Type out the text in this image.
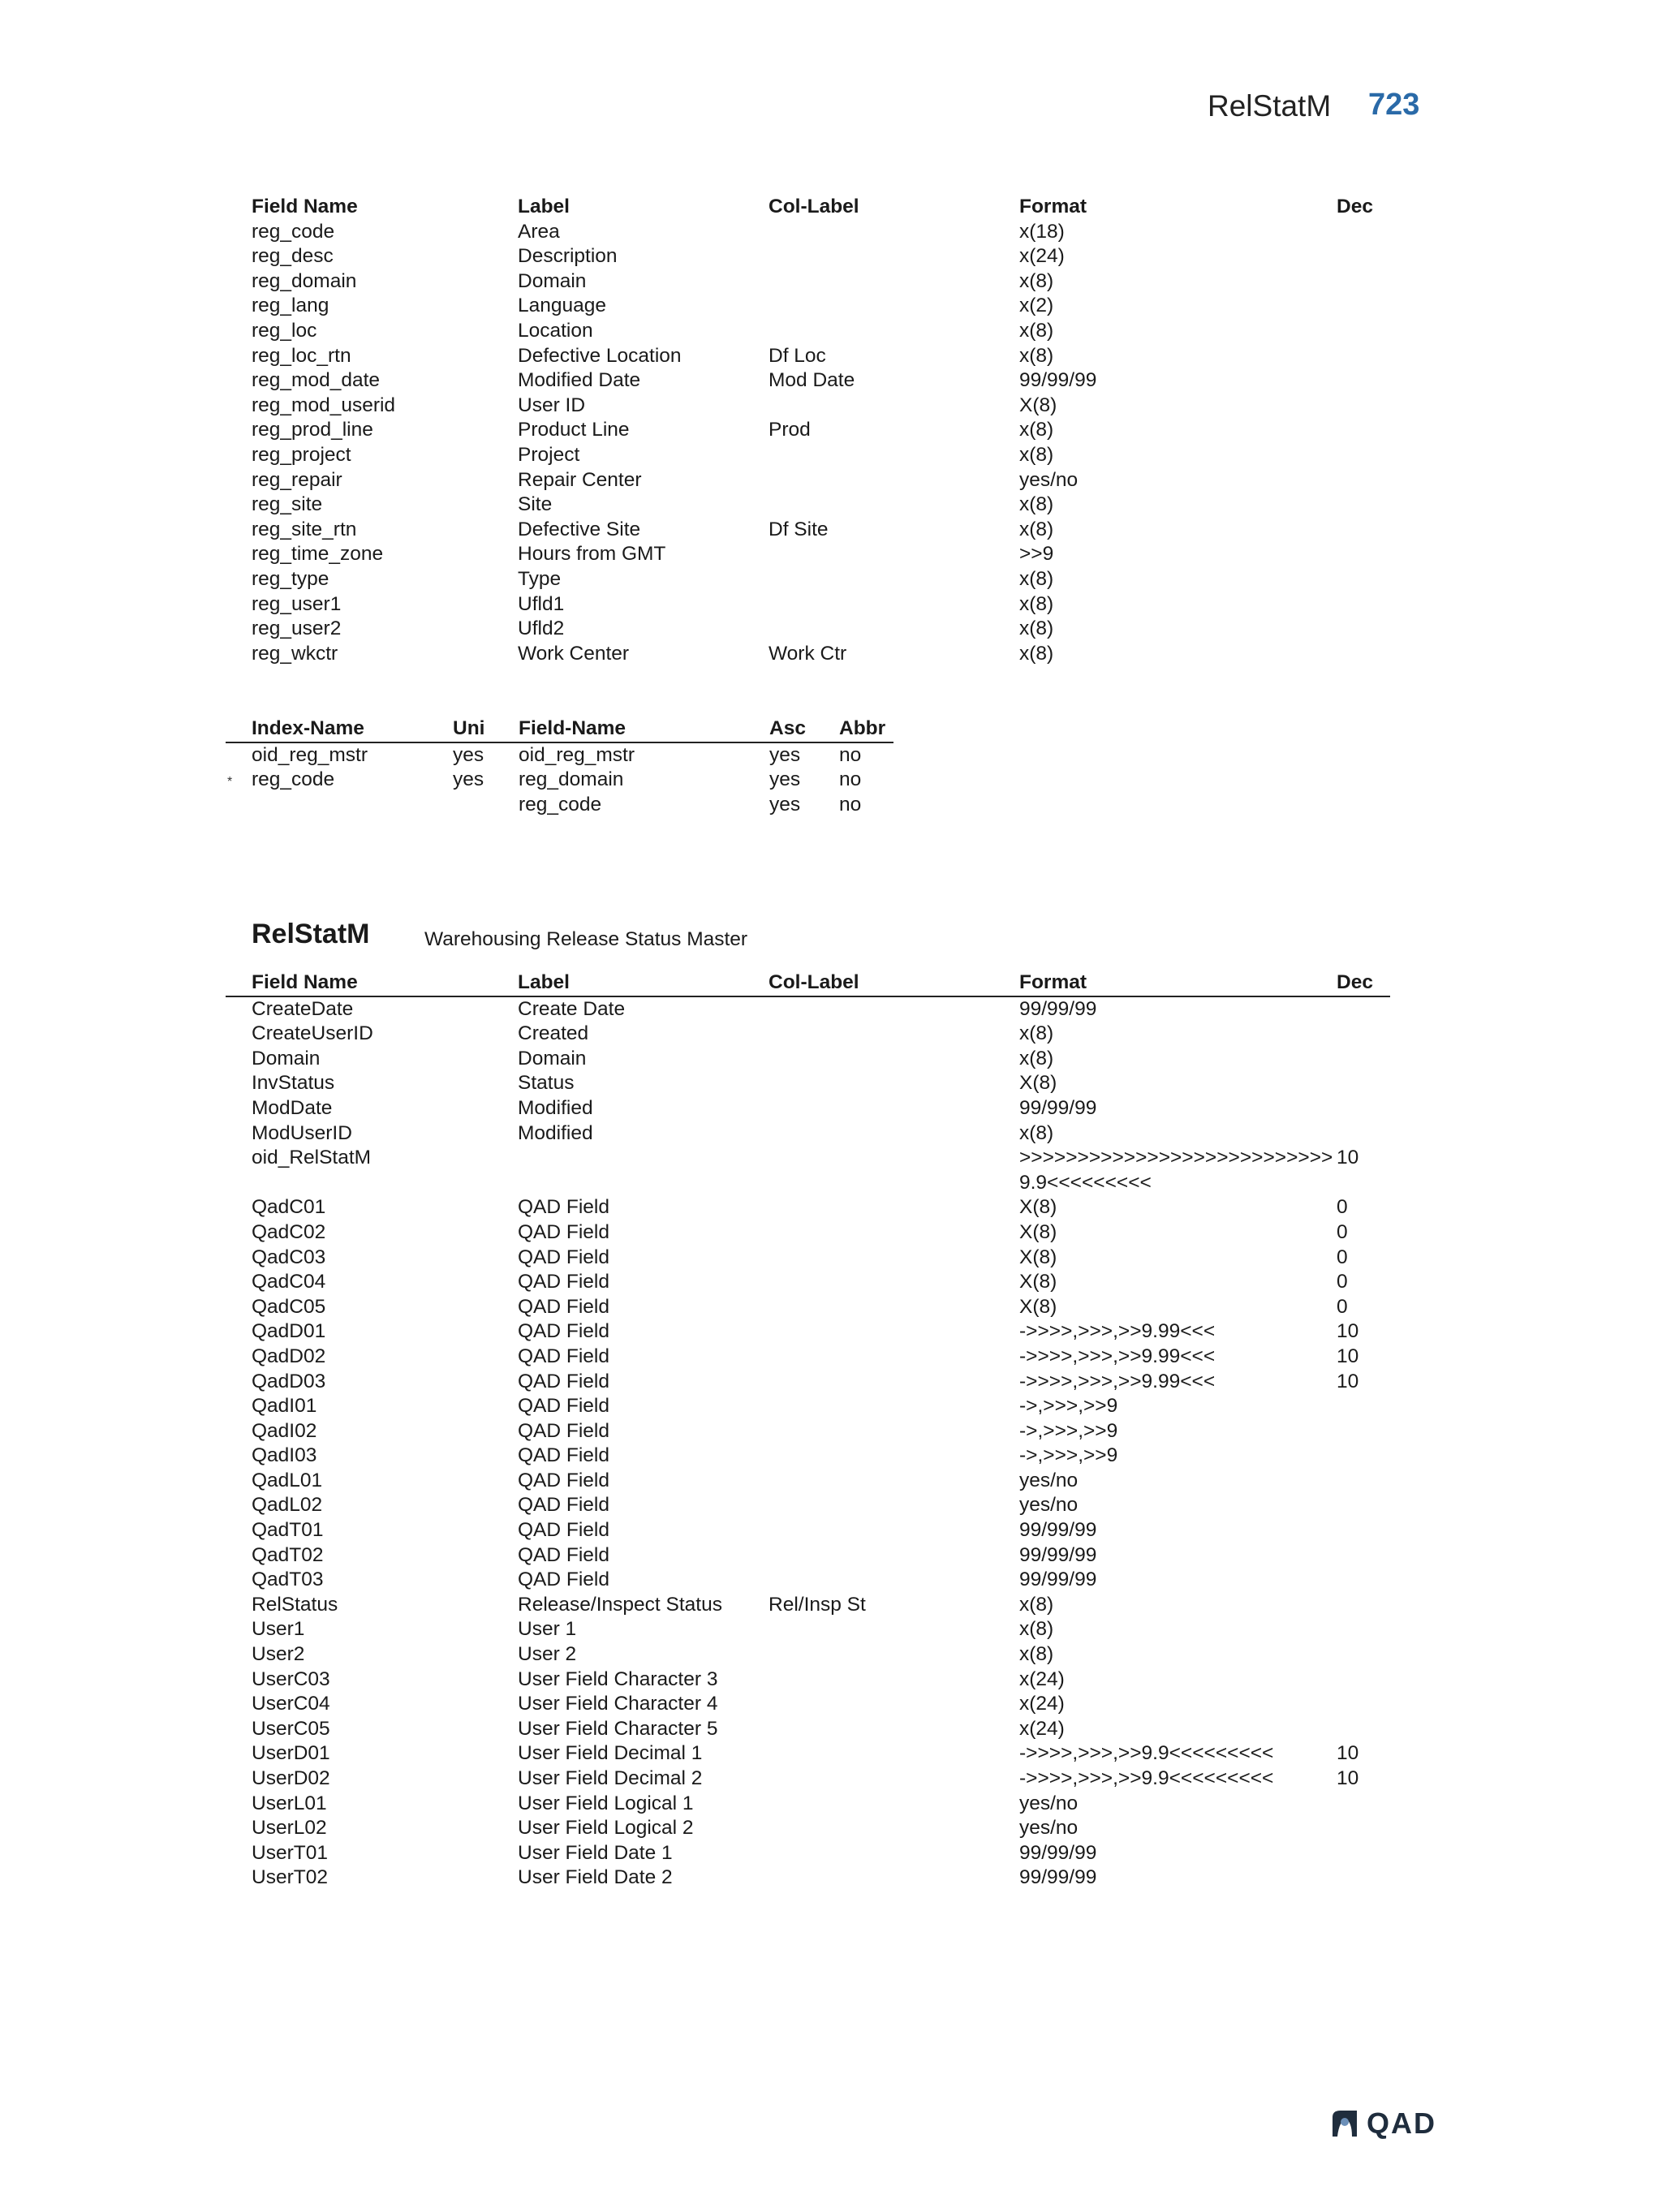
RelStatM 723
Field Name	Label	Col-Label	Format	Dec
reg_code	Area		x(18)	
reg_desc	Description		x(24)	
reg_domain	Domain		x(8)	
reg_lang	Language		x(2)	
reg_loc	Location		x(8)	
reg_loc_rtn	Defective Location	Df Loc	x(8)	
reg_mod_date	Modified Date	Mod Date	99/99/99	
reg_mod_userid	User ID		X(8)	
reg_prod_line	Product Line	Prod	x(8)	
reg_project	Project		x(8)	
reg_repair	Repair Center		yes/no	
reg_site	Site		x(8)	
reg_site_rtn	Defective Site	Df Site	x(8)	
reg_time_zone	Hours from GMT		>>9	
reg_type	Type		x(8)	
reg_user1	Ufld1		x(8)	
reg_user2	Ufld2		x(8)	
reg_wkctr	Work Center	Work Ctr	x(8)	
*
Index-Name	Uni	Field-Name	Asc	Abbr
oid_reg_mstr	yes	oid_reg_mstr	yes	no
reg_code	yes	reg_domain	yes	no
		reg_code	yes	no
RelStatM	Warehousing Release Status Master
Field Name	Label	Col-Label	Format	Dec
CreateDate	Create Date		99/99/99	
CreateUserID	Created		x(8)	
Domain	Domain		x(8)	
InvStatus	Status		X(8)	
ModDate	Modified		99/99/99	
ModUserID	Modified		x(8)	
oid_RelStatM			>>>>>>>>>>>>>>>>>>>>>>>>>>>9.9<<<<<<<<<	10
QadC01	QAD Field		X(8)	0
QadC02	QAD Field		X(8)	0
QadC03	QAD Field		X(8)	0
QadC04	QAD Field		X(8)	0
QadC05	QAD Field		X(8)	0
QadD01	QAD Field		->>>>,>>>,>>9.99<<<	10
QadD02	QAD Field		->>>>,>>>,>>9.99<<<	10
QadD03	QAD Field		->>>>,>>>,>>9.99<<<	10
QadI01	QAD Field		->,>>>,>>9	
QadI02	QAD Field		->,>>>,>>9	
QadI03	QAD Field		->,>>>,>>9	
QadL01	QAD Field		yes/no	
QadL02	QAD Field		yes/no	
QadT01	QAD Field		99/99/99	
QadT02	QAD Field		99/99/99	
QadT03	QAD Field		99/99/99	
RelStatus	Release/Inspect Status	Rel/Insp St	x(8)	
User1	User 1		x(8)	
User2	User 2		x(8)	
UserC03	User Field Character 3		x(24)	
UserC04	User Field Character 4		x(24)	
UserC05	User Field Character 5		x(24)	
UserD01	User Field Decimal 1		->>>>,>>>,>>9.9<<<<<<<<<	10
UserD02	User Field Decimal 2		->>>>,>>>,>>9.9<<<<<<<<<	10
UserL01	User Field Logical 1		yes/no	
UserL02	User Field Logical 2		yes/no	
UserT01	User Field Date 1		99/99/99	
UserT02	User Field Date 2		99/99/99	
QAD
